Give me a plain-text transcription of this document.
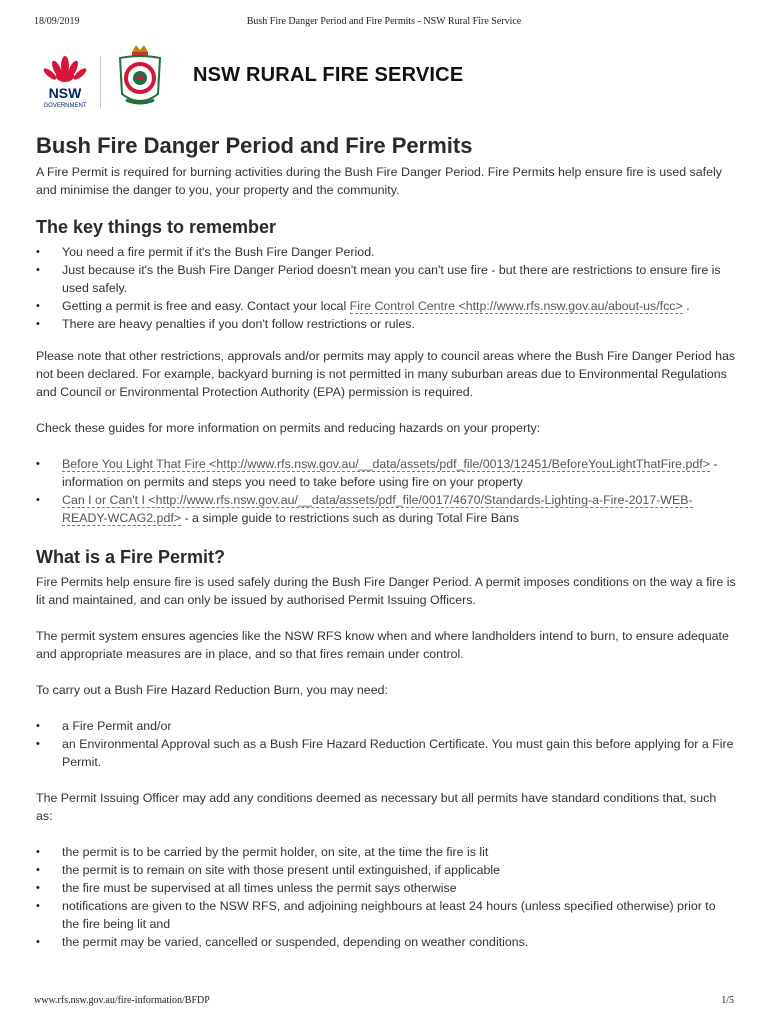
18/09/2019	Bush Fire Danger Period and Fire Permits - NSW Rural Fire Service
NSW
GOVERNMENT
NSW RURAL FIRE SERVICE
Bush Fire Danger Period and Fire Permits

A Fire Permit is required for burning activities during the Bush Fire Danger Period. Fire Permits help ensure fire is used safely and minimise the danger to you, your property and the community.

The key things to remember
• You need a fire permit if it's the Bush Fire Danger Period.
• Just because it's the Bush Fire Danger Period doesn't mean you can't use fire - but there are restrictions to ensure fire is used safely.
• Getting a permit is free and easy. Contact your local Fire Control Centre <http://www.rfs.nsw.gov.au/about-us/fcc> .
• There are heavy penalties if you don't follow restrictions or rules.

Please note that other restrictions, approvals and/or permits may apply to council areas where the Bush Fire Danger Period has not been declared. For example, backyard burning is not permitted in many suburban areas due to Environmental Regulations and Council or Environmental Protection Authority (EPA) permission is required.

Check these guides for more information on permits and reducing hazards on your property:

• Before You Light That Fire <http://www.rfs.nsw.gov.au/__data/assets/pdf_file/0013/12451/BeforeYouLightThatFire.pdf> - information on permits and steps you need to take before using fire on your property
• Can I or Can't I <http://www.rfs.nsw.gov.au/__data/assets/pdf_file/0017/4670/Standards-Lighting-a-Fire-2017-WEB-READY-WCAG2.pdf> - a simple guide to restrictions such as during Total Fire Bans
What is a Fire Permit?

Fire Permits help ensure fire is used safely during the Bush Fire Danger Period. A permit imposes conditions on the way a fire is lit and maintained, and can only be issued by authorised Permit Issuing Officers.

The permit system ensures agencies like the NSW RFS know when and where landholders intend to burn, to ensure adequate and appropriate measures are in place, and so that fires remain under control.

To carry out a Bush Fire Hazard Reduction Burn, you may need:

• a Fire Permit and/or
• an Environmental Approval such as a Bush Fire Hazard Reduction Certificate. You must gain this before applying for a Fire Permit.

The Permit Issuing Officer may add any conditions deemed as necessary but all permits have standard conditions that, such as:

• the permit is to be carried by the permit holder, on site, at the time the fire is lit
• the permit is to remain on site with those present until extinguished, if applicable
• the fire must be supervised at all times unless the permit says otherwise
• notifications are given to the NSW RFS, and adjoining neighbours at least 24 hours (unless specified otherwise) prior to the fire being lit and
• the permit may be varied, cancelled or suspended, depending on weather conditions.
www.rfs.nsw.gov.au/fire-information/BFDP	1/5
